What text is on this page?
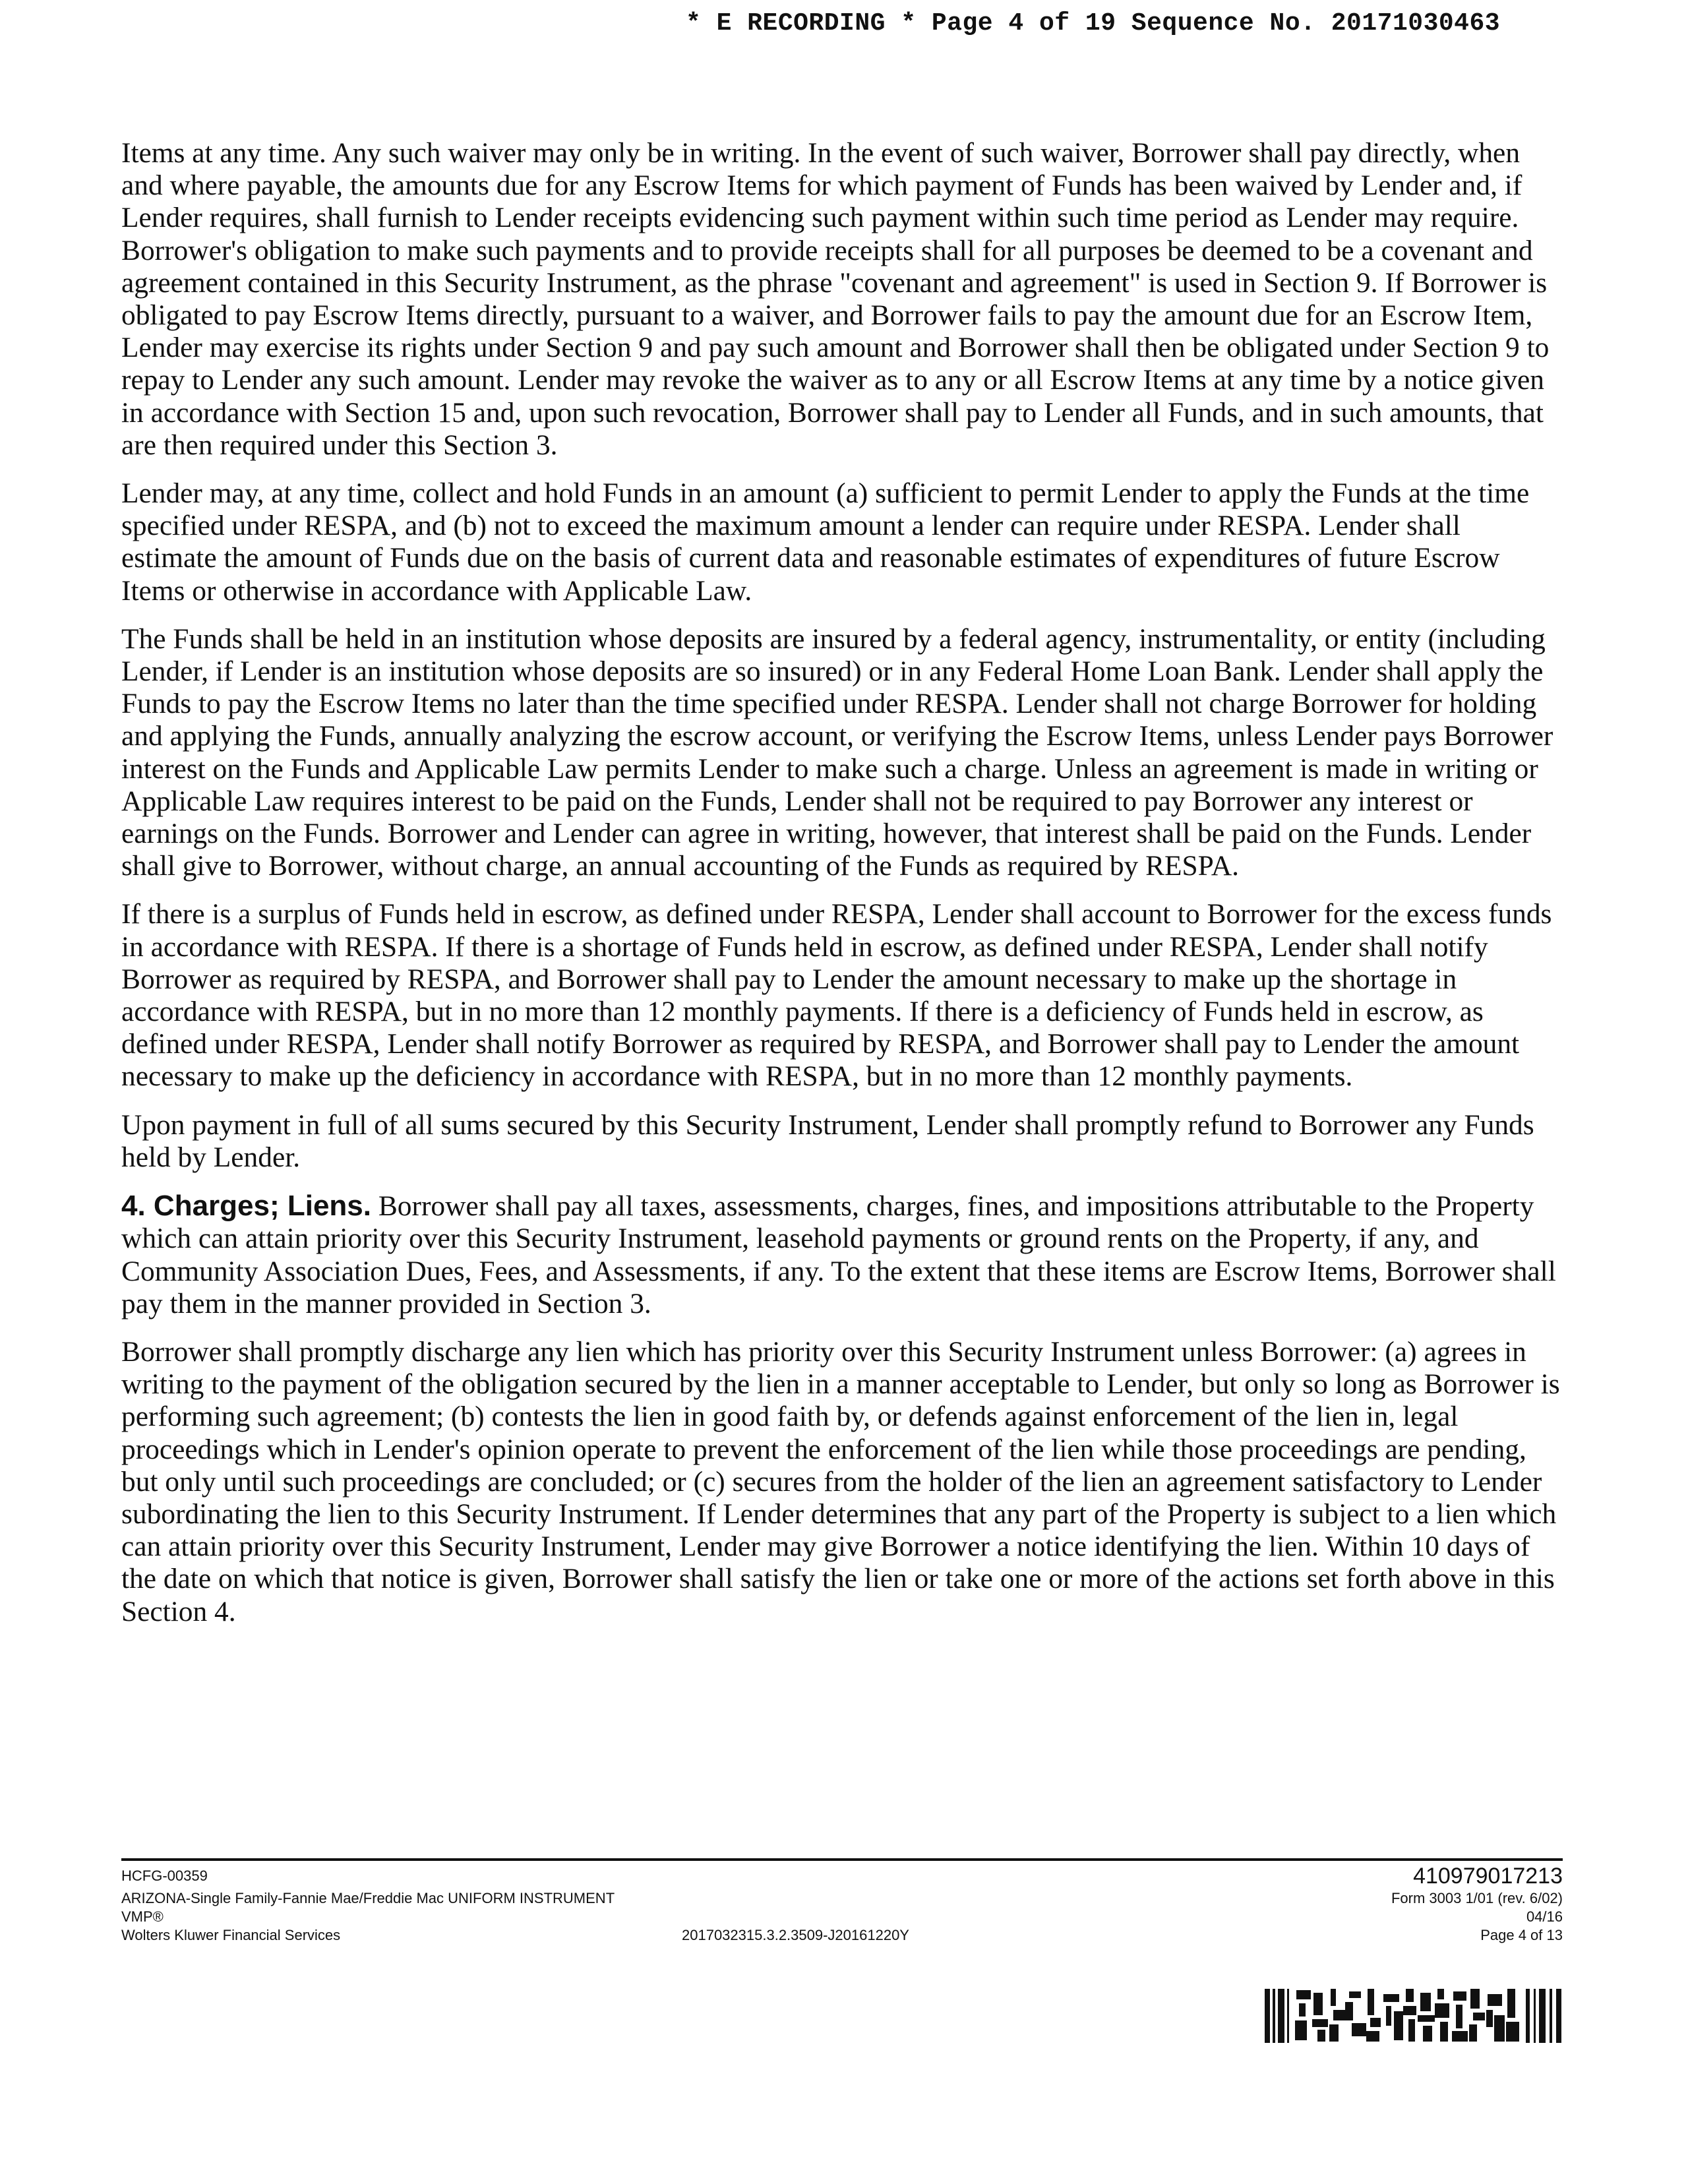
* E RECORDING * Page 4 of 19 Sequence No. 20171030463

Items at any time. Any such waiver may only be in writing. In the event of such waiver, Borrower shall pay directly, when and where payable, the amounts due for any Escrow Items for which payment of Funds has been waived by Lender and, if Lender requires, shall furnish to Lender receipts evidencing such payment within such time period as Lender may require. Borrower's obligation to make such payments and to provide receipts shall for all purposes be deemed to be a covenant and agreement contained in this Security Instrument, as the phrase "covenant and agreement" is used in Section 9. If Borrower is obligated to pay Escrow Items directly, pursuant to a waiver, and Borrower fails to pay the amount due for an Escrow Item, Lender may exercise its rights under Section 9 and pay such amount and Borrower shall then be obligated under Section 9 to repay to Lender any such amount. Lender may revoke the waiver as to any or all Escrow Items at any time by a notice given in accordance with Section 15 and, upon such revocation, Borrower shall pay to Lender all Funds, and in such amounts, that are then required under this Section 3.

Lender may, at any time, collect and hold Funds in an amount (a) sufficient to permit Lender to apply the Funds at the time specified under RESPA, and (b) not to exceed the maximum amount a lender can require under RESPA. Lender shall estimate the amount of Funds due on the basis of current data and reasonable estimates of expenditures of future Escrow Items or otherwise in accordance with Applicable Law.

The Funds shall be held in an institution whose deposits are insured by a federal agency, instrumentality, or entity (including Lender, if Lender is an institution whose deposits are so insured) or in any Federal Home Loan Bank. Lender shall apply the Funds to pay the Escrow Items no later than the time specified under RESPA. Lender shall not charge Borrower for holding and applying the Funds, annually analyzing the escrow account, or verifying the Escrow Items, unless Lender pays Borrower interest on the Funds and Applicable Law permits Lender to make such a charge. Unless an agreement is made in writing or Applicable Law requires interest to be paid on the Funds, Lender shall not be required to pay Borrower any interest or earnings on the Funds. Borrower and Lender can agree in writing, however, that interest shall be paid on the Funds. Lender shall give to Borrower, without charge, an annual accounting of the Funds as required by RESPA.

If there is a surplus of Funds held in escrow, as defined under RESPA, Lender shall account to Borrower for the excess funds in accordance with RESPA. If there is a shortage of Funds held in escrow, as defined under RESPA, Lender shall notify Borrower as required by RESPA, and Borrower shall pay to Lender the amount necessary to make up the shortage in accordance with RESPA, but in no more than 12 monthly payments. If there is a deficiency of Funds held in escrow, as defined under RESPA, Lender shall notify Borrower as required by RESPA, and Borrower shall pay to Lender the amount necessary to make up the deficiency in accordance with RESPA, but in no more than 12 monthly payments.

Upon payment in full of all sums secured by this Security Instrument, Lender shall promptly refund to Borrower any Funds held by Lender.

4. Charges; Liens. Borrower shall pay all taxes, assessments, charges, fines, and impositions attributable to the Property which can attain priority over this Security Instrument, leasehold payments or ground rents on the Property, if any, and Community Association Dues, Fees, and Assessments, if any. To the extent that these items are Escrow Items, Borrower shall pay them in the manner provided in Section 3.

Borrower shall promptly discharge any lien which has priority over this Security Instrument unless Borrower: (a) agrees in writing to the payment of the obligation secured by the lien in a manner acceptable to Lender, but only so long as Borrower is performing such agreement; (b) contests the lien in good faith by, or defends against enforcement of the lien in, legal proceedings which in Lender's opinion operate to prevent the enforcement of the lien while those proceedings are pending, but only until such proceedings are concluded; or (c) secures from the holder of the lien an agreement satisfactory to Lender subordinating the lien to this Security Instrument. If Lender determines that any part of the Property is subject to a lien which can attain priority over this Security Instrument, Lender may give Borrower a notice identifying the lien. Within 10 days of the date on which that notice is given, Borrower shall satisfy the lien or take one or more of the actions set forth above in this Section 4.

HCFG-00359
ARIZONA-Single Family-Fannie Mae/Freddie Mac UNIFORM INSTRUMENT
VMP®
Wolters Kluwer Financial Services	2017032315.3.2.3509-J20161220Y
410979017213
Form 3003 1/01 (rev. 6/02)
04/16
Page 4 of 13
